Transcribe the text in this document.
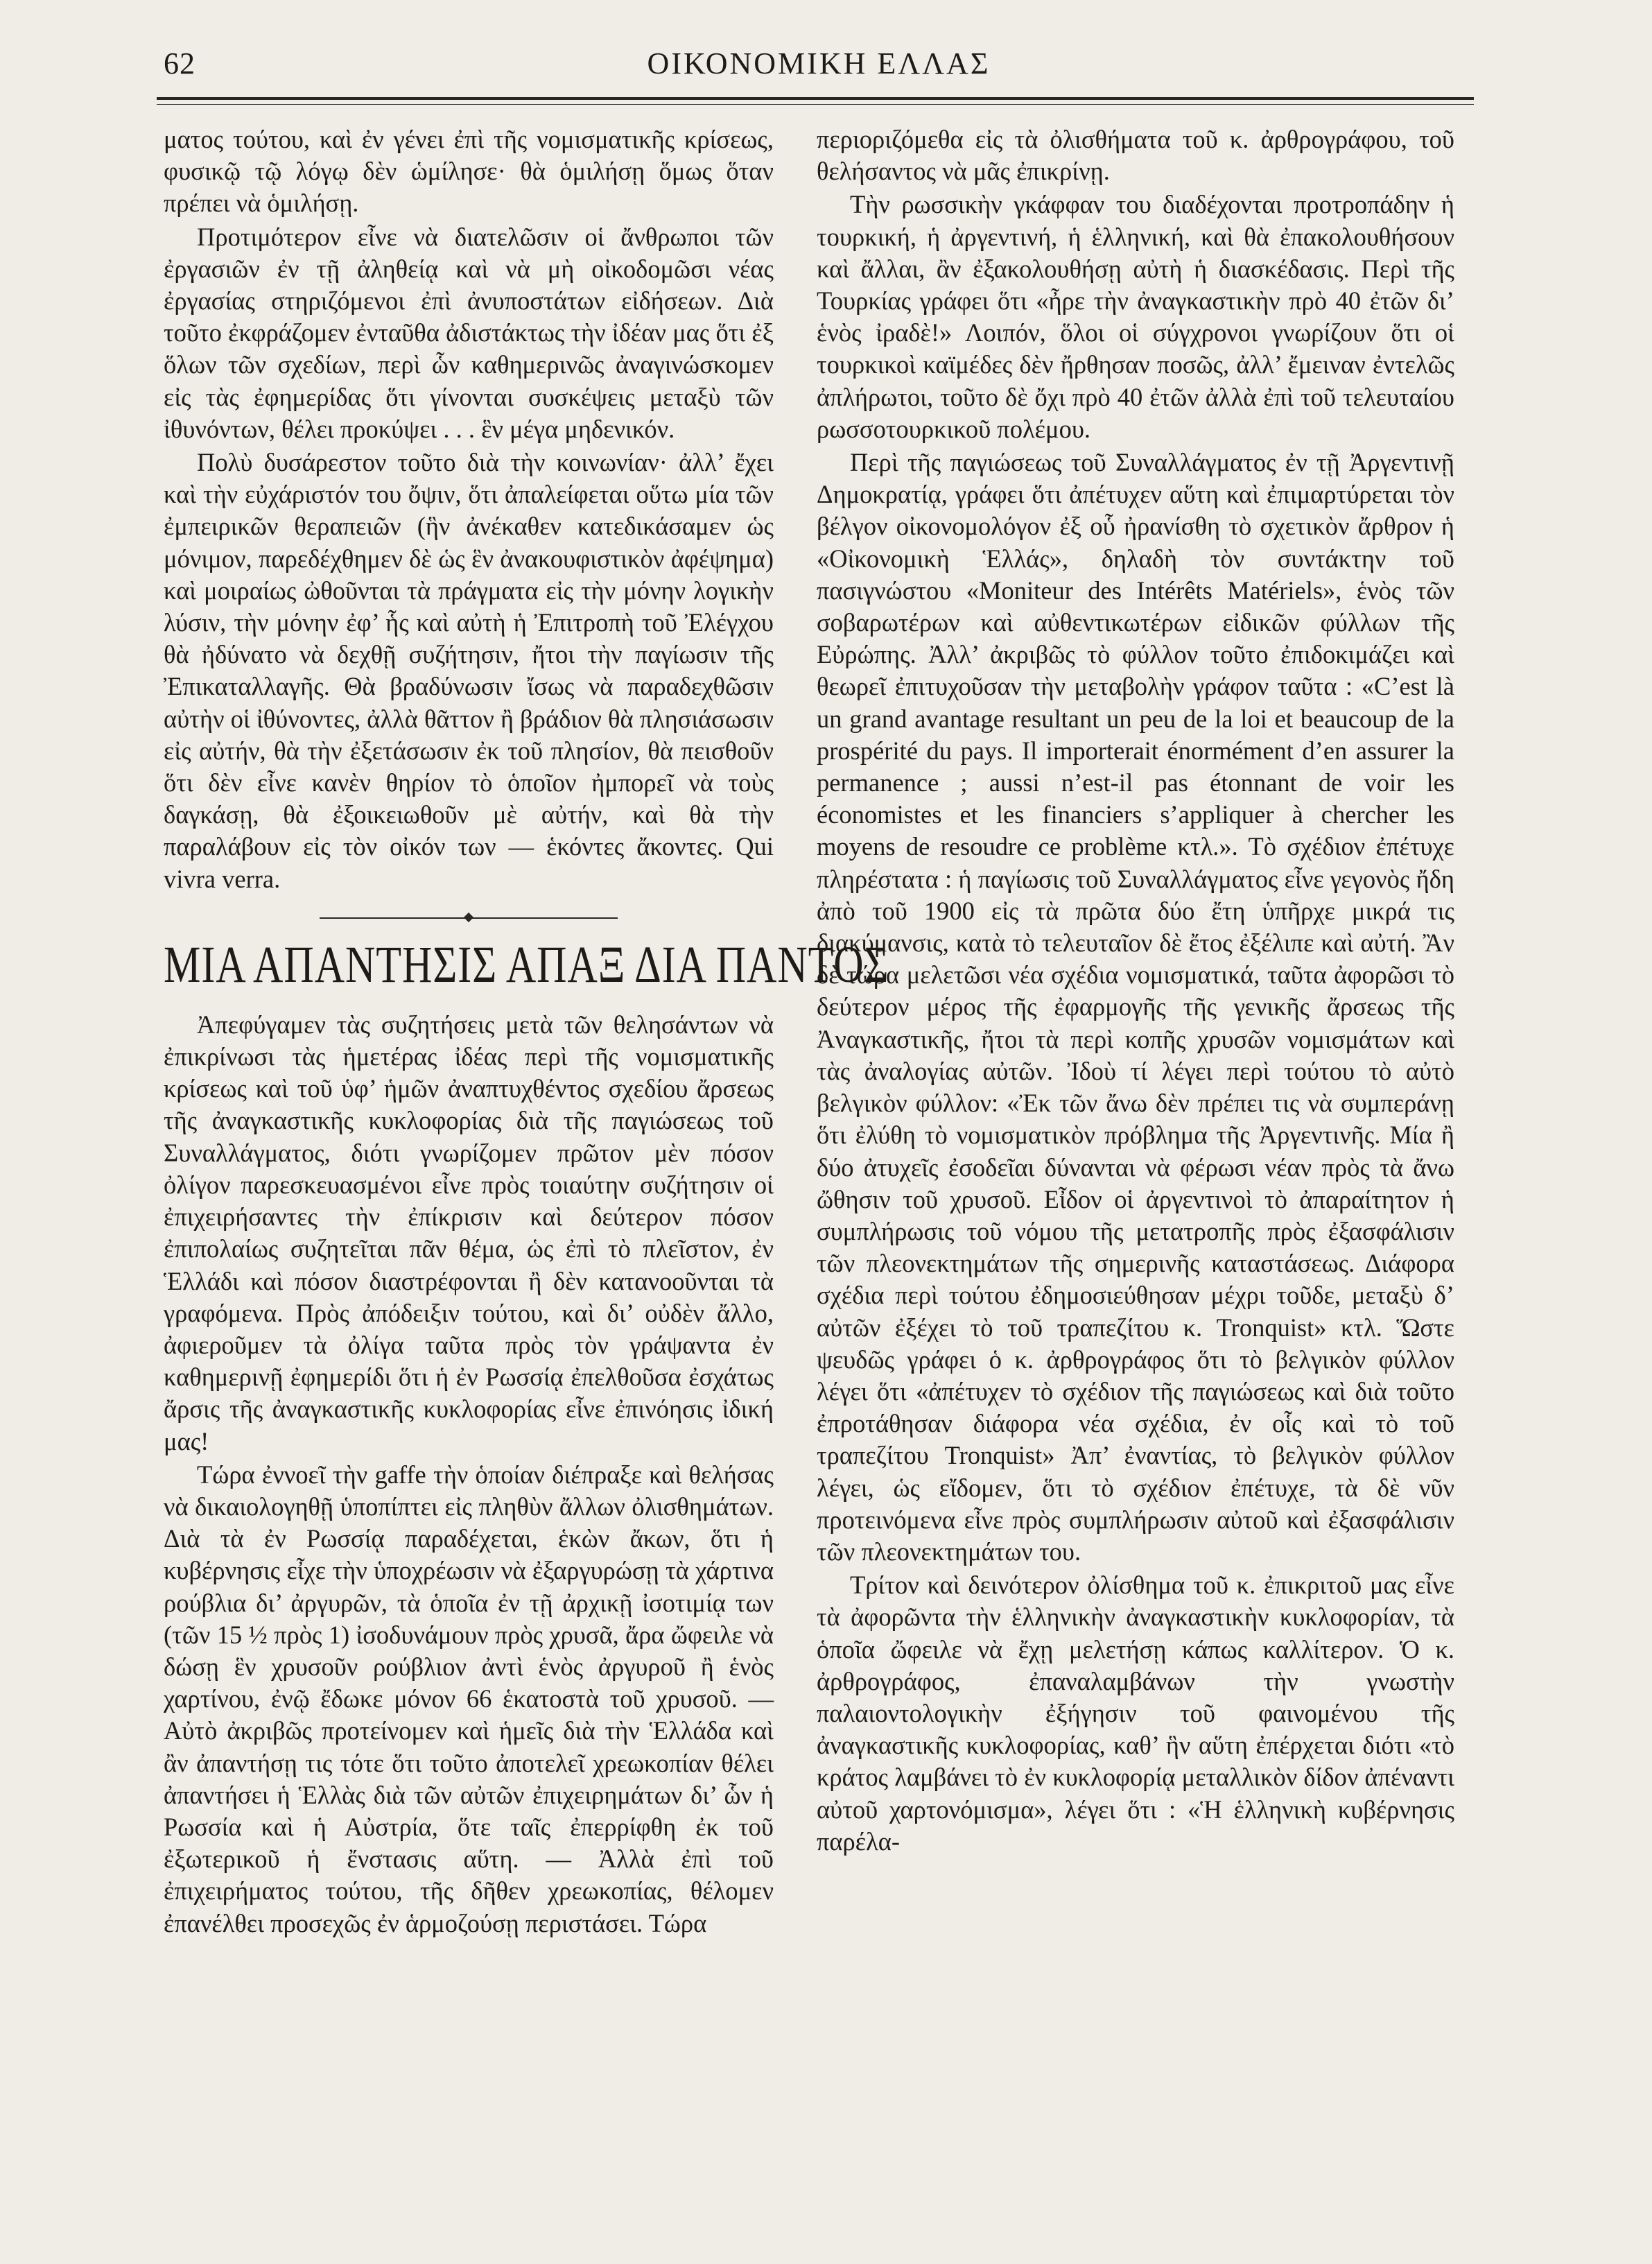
62	ΟΙΚΟΝΟΜΙΚΗ ΕΛΛΑΣ

ματος τούτου, καὶ ἐν γένει ἐπὶ τῆς νομισματικῆς κρίσεως, φυσικῷ τῷ λόγῳ δὲν ὡμίλησε· θὰ ὁμιλήσῃ ὅμως ὅταν πρέπει νὰ ὁμιλήσῃ.

Προτιμότερον εἶνε νὰ διατελῶσιν οἱ ἄνθρωποι τῶν ἐργασιῶν ἐν τῇ ἀληθείᾳ καὶ νὰ μὴ οἰκοδομῶσι νέας ἐργασίας στηριζόμενοι ἐπὶ ἀνυποστάτων εἰδήσεων. Διὰ τοῦτο ἐκφράζομεν ἐνταῦθα ἀδιστάκτως τὴν ἰδέαν μας ὅτι ἐξ ὅλων τῶν σχεδίων, περὶ ὧν καθημερινῶς ἀναγινώσκομεν εἰς τὰς ἐφημερίδας ὅτι γίνονται συσκέψεις μεταξὺ τῶν ἰθυνόντων, θέλει προκύψει . . . ἓν μέγα μηδενικόν.

Πολὺ δυσάρεστον τοῦτο διὰ τὴν κοινωνίαν· ἀλλ’ ἔχει καὶ τὴν εὐχάριστόν του ὄψιν, ὅτι ἀπαλείφεται οὕτω μία τῶν ἐμπειρικῶν θεραπειῶν (ἣν ἀνέκαθεν κατεδικάσαμεν ὡς μόνιμον, παρεδέχθημεν δὲ ὡς ἓν ἀνακουφιστικὸν ἀφέψημα) καὶ μοιραίως ὠθοῦνται τὰ πράγματα εἰς τὴν μόνην λογικὴν λύσιν, τὴν μόνην ἐφ’ ἧς καὶ αὐτὴ ἡ Ἐπιτροπὴ τοῦ Ἐλέγχου θὰ ἠδύνατο νὰ δεχθῇ συζήτησιν, ἤτοι τὴν παγίωσιν τῆς Ἐπικαταλλαγῆς. Θὰ βραδύνωσιν ἴσως νὰ παραδεχθῶσιν αὐτὴν οἱ ἰθύνοντες, ἀλλὰ θᾶττον ἢ βράδιον θὰ πλησιάσωσιν εἰς αὐτήν, θὰ τὴν ἐξετάσωσιν ἐκ τοῦ πλησίον, θὰ πεισθοῦν ὅτι δὲν εἶνε κανὲν θηρίον τὸ ὁποῖον ἠμπορεῖ νὰ τοὺς δαγκάσῃ, θὰ ἐξοικειωθοῦν μὲ αὐτήν, καὶ θὰ τὴν παραλάβουν εἰς τὸν οἰκόν των — ἑκόντες ἄκοντες. Qui vivra verra.

ΜΙΑ ΑΠΑΝΤΗΣΙΣ ΑΠΑΞ ΔΙΑ ΠΑΝΤΟΣ

Ἀπεφύγαμεν τὰς συζητήσεις μετὰ τῶν θελησάντων νὰ ἐπικρίνωσι τὰς ἡμετέρας ἰδέας περὶ τῆς νομισματικῆς κρίσεως καὶ τοῦ ὑφ’ ἡμῶν ἀναπτυχθέντος σχεδίου ἄρσεως τῆς ἀναγκαστικῆς κυκλοφορίας διὰ τῆς παγιώσεως τοῦ Συναλλάγματος, διότι γνωρίζομεν πρῶτον μὲν πόσον ὀλίγον παρεσκευασμένοι εἶνε πρὸς τοιαύτην συζήτησιν οἱ ἐπιχειρήσαντες τὴν ἐπίκρισιν καὶ δεύτερον πόσον ἐπιπολαίως συζητεῖται πᾶν θέμα, ὡς ἐπὶ τὸ πλεῖστον, ἐν Ἑλλάδι καὶ πόσον διαστρέφονται ἢ δὲν κατανοοῦνται τὰ γραφόμενα. Πρὸς ἀπόδειξιν τούτου, καὶ δι’ οὐδὲν ἄλλο, ἀφιεροῦμεν τὰ ὀλίγα ταῦτα πρὸς τὸν γράψαντα ἐν καθημερινῇ ἐφημερίδι ὅτι ἡ ἐν Ρωσσίᾳ ἐπελθοῦσα ἐσχάτως ἄρσις τῆς ἀναγκαστικῆς κυκλοφορίας εἶνε ἐπινόησις ἰδική μας!

Τώρα ἐννοεῖ τὴν gaffe τὴν ὁποίαν διέπραξε καὶ θελήσας νὰ δικαιολογηθῇ ὑποπίπτει εἰς πληθὺν ἄλλων ὀλισθημάτων. Διὰ τὰ ἐν Ρωσσίᾳ παραδέχεται, ἑκὼν ἄκων, ὅτι ἡ κυβέρνησις εἶχε τὴν ὑποχρέωσιν νὰ ἐξαργυρώσῃ τὰ χάρτινα ρούβλια δι’ ἀργυρῶν, τὰ ὁποῖα ἐν τῇ ἀρχικῇ ἰσοτιμίᾳ των (τῶν 15 ½ πρὸς 1) ἰσοδυνάμουν πρὸς χρυσᾶ, ἄρα ὤφειλε νὰ δώσῃ ἓν χρυσοῦν ρούβλιον ἀντὶ ἑνὸς ἀργυροῦ ἢ ἑνὸς χαρτίνου, ἐνῷ ἔδωκε μόνον 66 ἑκατοστὰ τοῦ χρυσοῦ. — Αὐτὸ ἀκριβῶς προτείνομεν καὶ ἡμεῖς διὰ τὴν Ἑλλάδα καὶ ἂν ἀπαντήσῃ τις τότε ὅτι τοῦτο ἀποτελεῖ χρεωκοπίαν θέλει ἀπαντήσει ἡ Ἑλλὰς διὰ τῶν αὐτῶν ἐπιχειρημάτων δι’ ὧν ἡ Ρωσσία καὶ ἡ Αὐστρία, ὅτε ταῖς ἐπερρίφθη ἐκ τοῦ ἐξωτερικοῦ ἡ ἔνστασις αὕτη. — Ἀλλὰ ἐπὶ τοῦ ἐπιχειρήματος τούτου, τῆς δῆθεν χρεωκοπίας, θέλομεν ἐπανέλθει προσεχῶς ἐν ἁρμοζούσῃ περιστάσει. Τώρα

περιοριζόμεθα εἰς τὰ ὀλισθήματα τοῦ κ. ἀρθρογράφου, τοῦ θελήσαντος νὰ μᾶς ἐπικρίνῃ.

Τὴν ρωσσικὴν γκάφφαν του διαδέχονται προτροπάδην ἡ τουρκική, ἡ ἀργεντινή, ἡ ἑλληνική, καὶ θὰ ἐπακολουθήσουν καὶ ἄλλαι, ἂν ἐξακολουθήσῃ αὐτὴ ἡ διασκέδασις. Περὶ τῆς Τουρκίας γράφει ὅτι «ἦρε τὴν ἀναγκαστικὴν πρὸ 40 ἐτῶν δι’ ἑνὸς ἰραδὲ!» Λοιπόν, ὅλοι οἱ σύγχρονοι γνωρίζουν ὅτι οἱ τουρκικοὶ καϊμέδες δὲν ἤρθησαν ποσῶς, ἀλλ’ ἔμειναν ἐντελῶς ἀπλήρωτοι, τοῦτο δὲ ὄχι πρὸ 40 ἐτῶν ἀλλὰ ἐπὶ τοῦ τελευταίου ρωσσοτουρκικοῦ πολέμου.

Περὶ τῆς παγιώσεως τοῦ Συναλλάγματος ἐν τῇ Ἀργεντινῇ Δημοκρατίᾳ, γράφει ὅτι ἀπέτυχεν αὕτη καὶ ἐπιμαρτύρεται τὸν βέλγον οἰκονομολόγον ἐξ οὗ ἠρανίσθη τὸ σχετικὸν ἄρθρον ἡ «Οἰκονομικὴ Ἑλλάς», δηλαδὴ τὸν συντάκτην τοῦ πασιγνώστου «Moniteur des Intérêts Matériels», ἑνὸς τῶν σοβαρωτέρων καὶ αὐθεντικωτέρων εἰδικῶν φύλλων τῆς Εὐρώπης. Ἀλλ’ ἀκριβῶς τὸ φύλλον τοῦτο ἐπιδοκιμάζει καὶ θεωρεῖ ἐπιτυχοῦσαν τὴν μεταβολὴν γράφον ταῦτα : «C’est là un grand avantage resultant un peu de la loi et beaucoup de la prospérité du pays. Il importerait énormément d’en assurer la permanence ; aussi n’est-il pas étonnant de voir les économistes et les financiers s’appliquer à chercher les moyens de resoudre ce problème κτλ.». Τὸ σχέδιον ἐπέτυχε πληρέστατα : ἡ παγίωσις τοῦ Συναλλάγματος εἶνε γεγονὸς ἤδη ἀπὸ τοῦ 1900 εἰς τὰ πρῶτα δύο ἔτη ὑπῆρχε μικρά τις διακύμανσις, κατὰ τὸ τελευταῖον δὲ ἔτος ἐξέλιπε καὶ αὐτή. Ἂν δὲ τώρα μελετῶσι νέα σχέδια νομισματικά, ταῦτα ἀφορῶσι τὸ δεύτερον μέρος τῆς ἐφαρμογῆς τῆς γενικῆς ἄρσεως τῆς Ἀναγκαστικῆς, ἤτοι τὰ περὶ κοπῆς χρυσῶν νομισμάτων καὶ τὰς ἀναλογίας αὐτῶν. Ἰδοὺ τί λέγει περὶ τούτου τὸ αὐτὸ βελγικὸν φύλλον: «Ἐκ τῶν ἄνω δὲν πρέπει τις νὰ συμπεράνῃ ὅτι ἐλύθη τὸ νομισματικὸν πρόβλημα τῆς Ἀργεντινῆς. Μία ἢ δύο ἀτυχεῖς ἐσοδεῖαι δύνανται νὰ φέρωσι νέαν πρὸς τὰ ἄνω ὤθησιν τοῦ χρυσοῦ. Εἶδον οἱ ἀργεντινοὶ τὸ ἀπαραίτητον ἡ συμπλήρωσις τοῦ νόμου τῆς μετατροπῆς πρὸς ἐξασφάλισιν τῶν πλεονεκτημάτων τῆς σημερινῆς καταστάσεως. Διάφορα σχέδια περὶ τούτου ἐδημοσιεύθησαν μέχρι τοῦδε, μεταξὺ δ’ αὐτῶν ἐξέχει τὸ τοῦ τραπεζίτου κ. Tronquist» κτλ. Ὥστε ψευδῶς γράφει ὁ κ. ἀρθρογράφος ὅτι τὸ βελγικὸν φύλλον λέγει ὅτι «ἀπέτυχεν τὸ σχέδιον τῆς παγιώσεως καὶ διὰ τοῦτο ἐπροτάθησαν διάφορα νέα σχέδια, ἐν οἷς καὶ τὸ τοῦ τραπεζίτου Tronquist» Ἀπ’ ἐναντίας, τὸ βελγικὸν φύλλον λέγει, ὡς εἴδομεν, ὅτι τὸ σχέδιον ἐπέτυχε, τὰ δὲ νῦν προτεινόμενα εἶνε πρὸς συμπλήρωσιν αὐτοῦ καὶ ἐξασφάλισιν τῶν πλεονεκτημάτων του.

Τρίτον καὶ δεινότερον ὀλίσθημα τοῦ κ. ἐπικριτοῦ μας εἶνε τὰ ἀφορῶντα τὴν ἑλληνικὴν ἀναγκαστικὴν κυκλοφορίαν, τὰ ὁποῖα ὤφειλε νὰ ἔχῃ μελετήσῃ κάπως καλλίτερον. Ὁ κ. ἀρθρογράφος, ἐπαναλαμβάνων τὴν γνωστὴν παλαιοντολογικὴν ἐξήγησιν τοῦ φαινομένου τῆς ἀναγκαστικῆς κυκλοφορίας, καθ’ ἣν αὕτη ἐπέρχεται διότι «τὸ κράτος λαμβάνει τὸ ἐν κυκλοφορίᾳ μεταλλικὸν δίδον ἀπέναντι αὐτοῦ χαρτονόμισμα», λέγει ὅτι : «Ἡ ἑλληνικὴ κυβέρνησις παρέλα-
